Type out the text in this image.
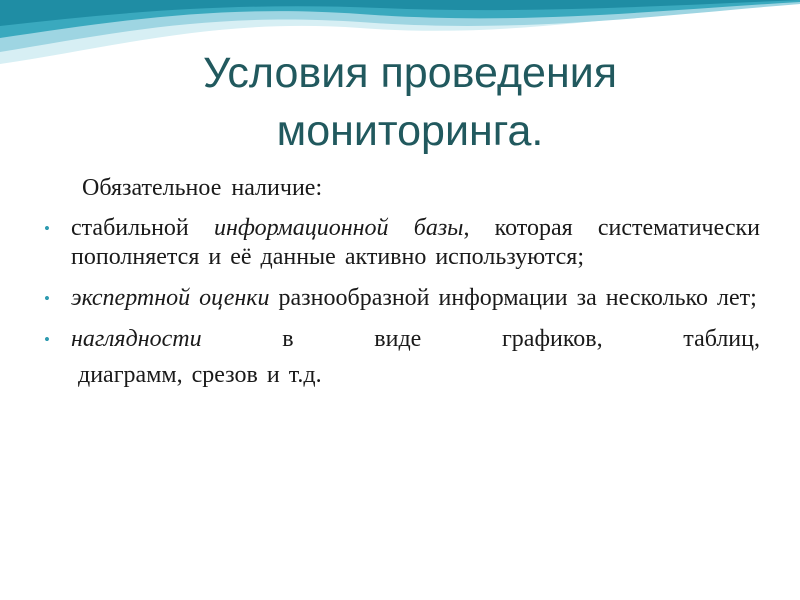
Условия проведения
мониторинга.

Обязательное наличие:

• стабильной информационной базы, которая систематически пополняется и её данные активно используются;

• экспертной оценки разнообразной информации за несколько лет;

• наглядности в виде графиков, таблиц,
диаграмм, срезов и т.д.
